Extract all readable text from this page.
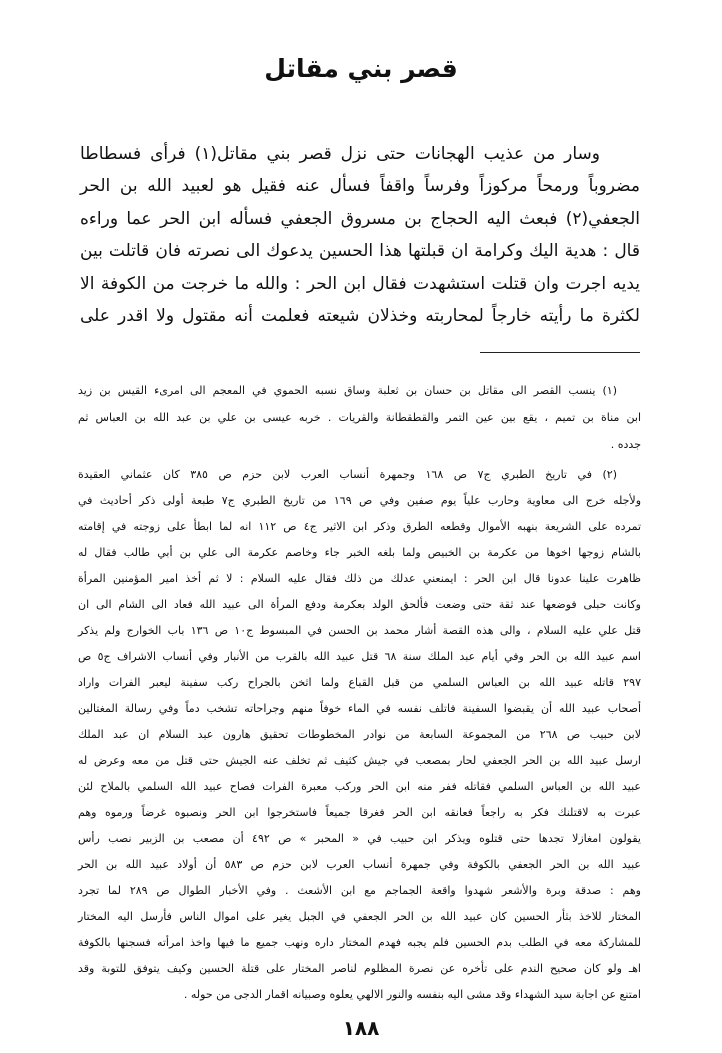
قصر بني مقاتل
وسار من عذيب الهجانات حتى نزل قصر بني مقاتل(١) فرأى فسطاطا
مضروباً ورمحاً مركوزاً وفرساً واقفاً فسأل عنه فقيل هو لعبيد الله بن الحر
الجعفي(٢) فبعث اليه الحجاج بن مسروق الجعفي فسأله ابن الحر عما وراءه
قال : هدية اليك وكرامة ان قبلتها هذا الحسين يدعوك الى نصرته فان قاتلت بين
يديه اجرت وان قتلت استشهدت فقال ابن الحر : والله ما خرجت من الكوفة الا
لكثرة ما رأيته خارجاً لمحاربته وخذلان شيعته فعلمت أنه مقتول ولا اقدر على
(١) ينسب القصر الى مقاتل بن حسان بن ثعلبة وساق نسبه الحموي في المعجم الى امرىء القيس بن زيد
ابن مناة بن تميم ، يقع بين عين التمر والقطقطانة والقريات . خربه عيسى بن علي بن عبد الله بن العباس ثم
جدده .
(٢) في تاريخ الطبري ج٧ ص ١٦٨ وجمهرة أنساب العرب لابن حزم ص ٣٨٥ كان عثماني العقيدة
ولأجله خرج الى معاوية وحارب علياً يوم صفين وفي ص ١٦٩ من تاريخ الطبري ج٧ طبعة أولى ذكر أحاديث في
تمرده على الشريعة بنهبه الأموال وقطعه الطرق وذكر ابن الاثير ج٤ ص ١١٢ انه لما ابطأ على زوجته في إقامته
بالشام زوجها اخوها من عكرمة بن الخبيص ولما بلغه الخبر جاء وخاصم عكرمة الى علي بن أبي طالب فقال له
ظاهرت علينا عدونا قال ابن الحر : ايمنعني عدلك من ذلك فقال عليه السلام : لا ثم أخذ امير المؤمنين المرأة
وكانت حبلى فوضعها عند ثقة حتى وضعت فألحق الولد بعكرمة ودفع المرأة الى عبيد الله فعاد الى الشام الى ان
قتل علي عليه السلام ، والى هذه القصة أشار محمد بن الحسن في المبسوط ج١٠ ص ١٣٦ باب الخوارج ولم يذكر
اسم عبيد الله بن الحر وفي أيام عبد الملك سنة ٦٨ قتل عبيد الله بالقرب من الأنبار وفي أنساب الاشراف ج٥ ص
٢٩٧ قاتله عبيد الله بن العباس السلمي من قبل القباع ولما اثخن بالجراح ركب سفينة ليعبر الفرات واراد
أصحاب عبيد الله أن يقبضوا السفينة فاتلف نفسه في الماء خوفاً منهم وجراحاته تشخب دماً وفي رسالة المغتالين
لابن حبيب ص ٢٦٨ من المجموعة السابعة من نوادر المخطوطات تحقيق هارون عبد السلام ان عبد الملك
ارسل عبيد الله بن الحر الجعفي لحار بمصعب في جيش كثيف ثم تخلف عنه الجيش حتى قتل من معه وعرض له
عبيد الله بن العباس السلمي فقاتله ففر منه ابن الحر وركب معبرة الفرات فصاح عبيد الله السلمي بالملاح لئن
عبرت به لاقتلنك فكر به راجعاً فعانقه ابن الحر فغرقا جميعاً فاستخرجوا ابن الحر ونصبوه غرضاً ورموه وهم
يقولون امغازلا تجدها حتى قتلوه ويذكر ابن حبيب في « المحبر » ص ٤٩٢ أن مصعب بن الزبير نصب رأس
عبيد الله بن الحر الجعفي بالكوفة وفي جمهرة أنساب العرب لابن حزم ص ٥٨٣ أن أولاد عبيد الله بن الحر
وهم : صدقة وبرة والأشعر شهدوا واقعة الجماجم مع ابن الأشعث . وفي الأخبار الطوال ص ٢٨٩ لما تجرد
المختار للاخذ بثأر الحسين كان عبيد الله بن الحر الجعفي في الجبل يغير على اموال الناس فأرسل اليه المختار
للمشاركة معه في الطلب بدم الحسين فلم يجبه فهدم المختار داره ونهب جميع ما فيها واخذ امرأته فسجنها بالكوفة
اهـ ولو كان صحيح الندم على تأخره عن نصرة المظلوم لناصر المختار على قتلة الحسين وكيف يتوفق للتوبة وقد
امتنع عن اجابة سيد الشهداء وقد مشى اليه بنفسه والنور الالهي يعلوه وصبيانه اقمار الدجى من حوله .
١٨٨
